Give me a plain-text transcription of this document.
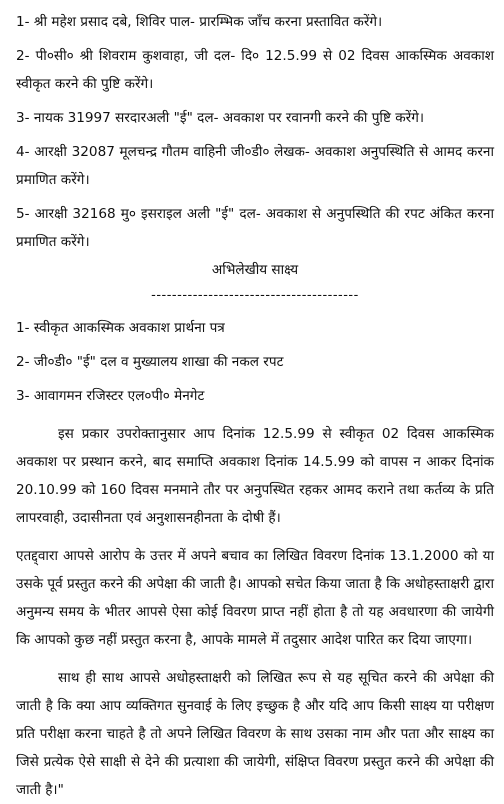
1- श्री महेश प्रसाद दबे, शिविर पाल- प्रारम्भिक जाँच करना प्रस्तावित करेंगे।

2- पी०सी० श्री शिवराम कुशवाहा, जी दल- दि० 12.5.99 से 02 दिवस आकस्मिक अवकाश स्वीकृत करने की पुष्टि करेंगे।

3- नायक 31997 सरदारअली "ई" दल- अवकाश पर रवानगी करने की पुष्टि करेंगे।

4- आरक्षी 32087 मूलचन्द्र गौतम वाहिनी जी०डी० लेखक- अवकाश अनुपस्थिति से आमद करना प्रमाणित करेंगे।

5- आरक्षी 32168 मु० इसराइल अली "ई" दल- अवकाश से अनुपस्थिति की रपट अंकित करना प्रमाणित करेंगे।

अभिलेखीय साक्ष्य

----------------------------------------

1- स्वीकृत आकस्मिक अवकाश प्रार्थना पत्र

2- जी०डी० "ई" दल व मुख्यालय शाखा की नकल रपट

3- आवागमन रजिस्टर एल०पी० मेनगेट

इस प्रकार उपरोक्तानुसार आप दिनांक 12.5.99 से स्वीकृत 02 दिवस आकस्मिक अवकाश पर प्रस्थान करने, बाद समाप्ति अवकाश दिनांक 14.5.99 को वापस न आकर दिनांक 20.10.99 को 160 दिवस मनमाने तौर पर अनुपस्थित रहकर आमद कराने तथा कर्तव्य के प्रति लापरवाही, उदासीनता एवं अनुशासनहीनता के दोषी हैं।

एतद्द्वारा आपसे आरोप के उत्तर में अपने बचाव का लिखित विवरण दिनांक 13.1.2000 को या उसके पूर्व प्रस्तुत करने की अपेक्षा की जाती है। आपको सचेत किया जाता है कि अधोहस्ताक्षरी द्वारा अनुमन्य समय के भीतर आपसे ऐसा कोई विवरण प्राप्त नहीं होता है तो यह अवधारणा की जायेगी कि आपको कुछ नहीं प्रस्तुत करना है, आपके मामले में तदुसार आदेश पारित कर दिया जाएगा।

साथ ही साथ आपसे अधोहस्ताक्षरी को लिखित रूप से यह सूचित करने की अपेक्षा की जाती है कि क्या आप व्यक्तिगत सुनवाई के लिए इच्छुक है और यदि आप किसी साक्ष्य या परीक्षण प्रति परीक्षा करना चाहते है तो अपने लिखित विवरण के साथ उसका नाम और पता और साक्ष्य का जिसे प्रत्येक ऐसे साक्षी से देने की प्रत्याशा की जायेगी, संक्षिप्त विवरण प्रस्तुत करने की अपेक्षा की जाती है।"
